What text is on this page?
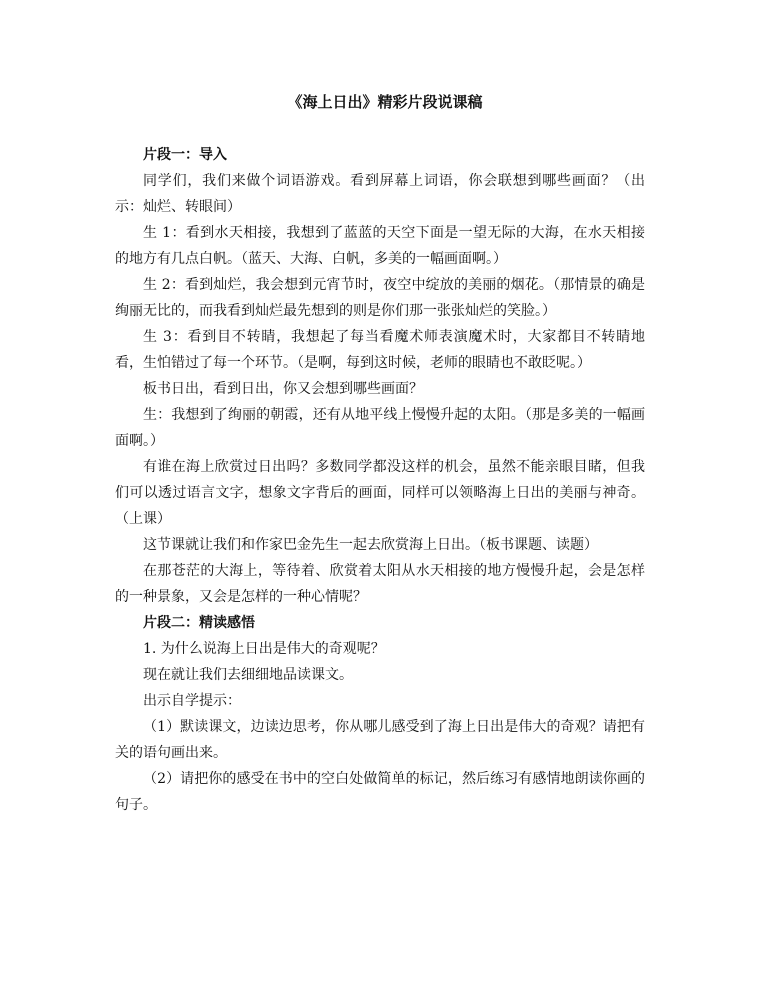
《海上日出》精彩片段说课稿

片段一：导入

同学们，我们来做个词语游戏。看到屏幕上词语，你会联想到哪些画面？（出示：灿烂、转眼间）

生 1：看到水天相接，我想到了蓝蓝的天空下面是一望无际的大海，在水天相接的地方有几点白帆。（蓝天、大海、白帆，多美的一幅画面啊。）

生 2：看到灿烂，我会想到元宵节时，夜空中绽放的美丽的烟花。（那情景的确是绚丽无比的，而我看到灿烂最先想到的则是你们那一张张灿烂的笑脸。）

生 3：看到目不转睛，我想起了每当看魔术师表演魔术时，大家都目不转睛地看，生怕错过了每一个环节。（是啊，每到这时候，老师的眼睛也不敢眨呢。）

板书日出，看到日出，你又会想到哪些画面？

生：我想到了绚丽的朝霞，还有从地平线上慢慢升起的太阳。（那是多美的一幅画面啊。）

有谁在海上欣赏过日出吗？多数同学都没这样的机会，虽然不能亲眼目睹，但我们可以透过语言文字，想象文字背后的画面，同样可以领略海上日出的美丽与神奇。（上课）

这节课就让我们和作家巴金先生一起去欣赏海上日出。（板书课题、读题）

在那苍茫的大海上，等待着、欣赏着太阳从水天相接的地方慢慢升起，会是怎样的一种景象，又会是怎样的一种心情呢？

片段二：精读感悟

1. 为什么说海上日出是伟大的奇观呢？

现在就让我们去细细地品读课文。

出示自学提示：

（1）默读课文，边读边思考，你从哪儿感受到了海上日出是伟大的奇观？请把有关的语句画出来。

（2）请把你的感受在书中的空白处做简单的标记，然后练习有感情地朗读你画的句子。
